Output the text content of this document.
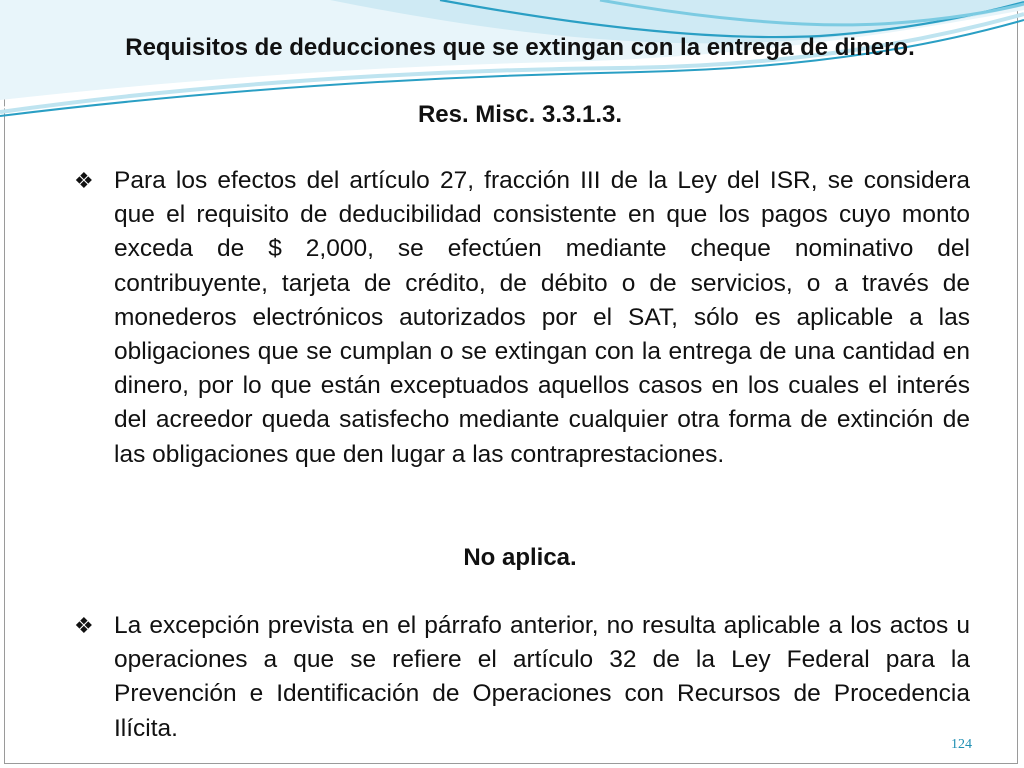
Requisitos de deducciones que se extingan con la entrega de dinero.
Res. Misc. 3.3.1.3.
❖ Para los efectos del artículo 27, fracción III de la Ley del ISR, se considera que el requisito de deducibilidad consistente en que los pagos cuyo monto exceda de $ 2,000, se efectúen mediante cheque nominativo del contribuyente, tarjeta de crédito, de débito o de servicios, o a través de monederos electrónicos autorizados por el SAT, sólo es aplicable a las obligaciones que se cumplan o se extingan con la entrega de una cantidad en dinero, por lo que están exceptuados aquellos casos en los cuales el interés del acreedor queda satisfecho mediante cualquier otra forma de extinción de las obligaciones que den lugar a las contraprestaciones.
No aplica.
❖ La excepción prevista en el párrafo anterior, no resulta aplicable a los actos u operaciones a que se refiere el artículo 32 de la Ley Federal para la Prevención e Identificación de Operaciones con Recursos de Procedencia Ilícita.
124
